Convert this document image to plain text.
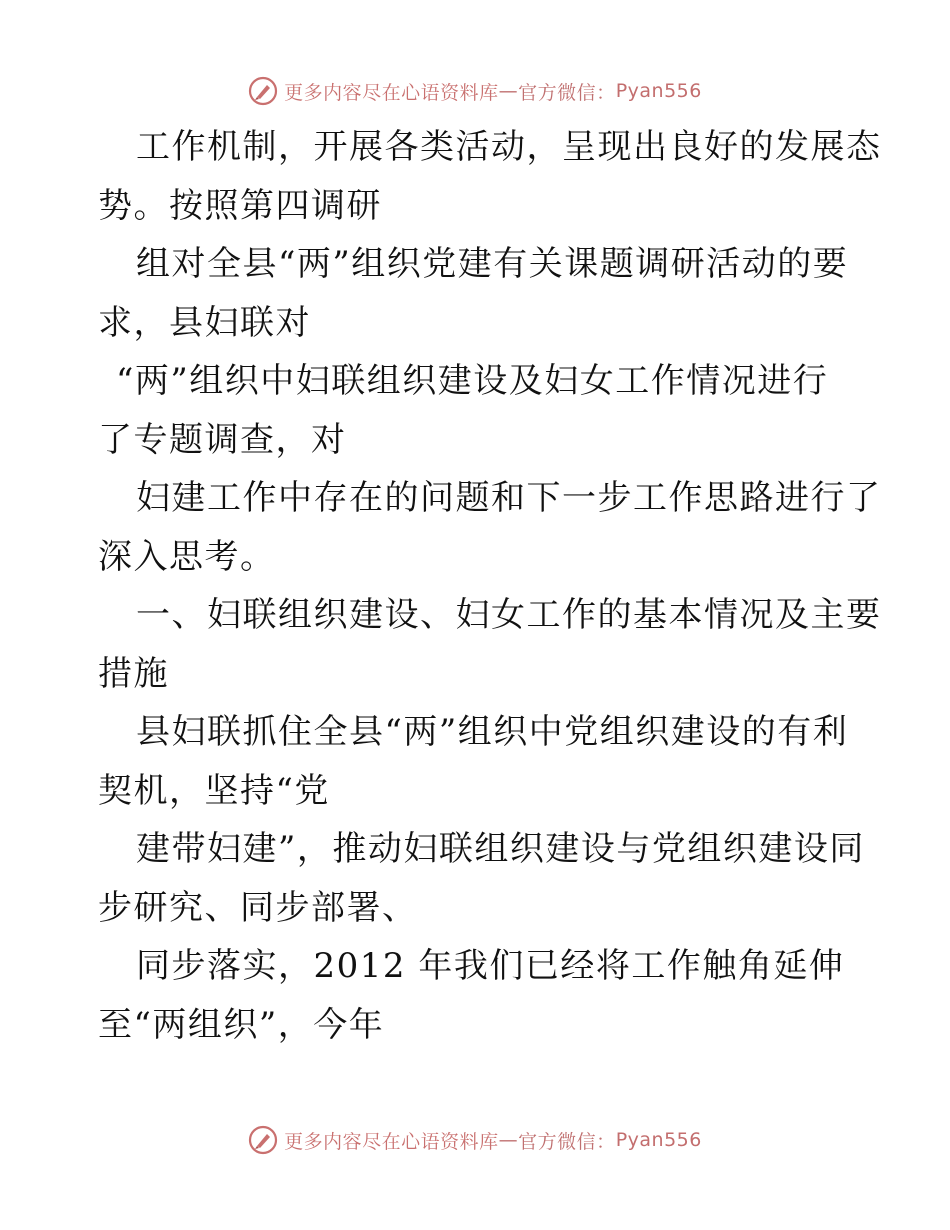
更多内容尽在心语资料库 — 官方微信： Pyan556
工作机制，开展各类活动，呈现出良好的发展态
势。按照第四调研
组对全县“两”组织党建有关课题调研活动的要
求，县妇联对
“两”组织中妇联组织建设及妇女工作情况进行
了专题调查，对
妇建工作中存在的问题和下一步工作思路进行了
深入思考。
一、妇联组织建设、妇女工作的基本情况及主要
措施
县妇联抓住全县“两”组织中党组织建设的有利
契机，坚持“党
建带妇建”，推动妇联组织建设与党组织建设同
步研究、同步部署、
同步落实，2012 年我们已经将工作触角延伸
至“两组织”，今年
更多内容尽在心语资料库 — 官方微信： Pyan556
